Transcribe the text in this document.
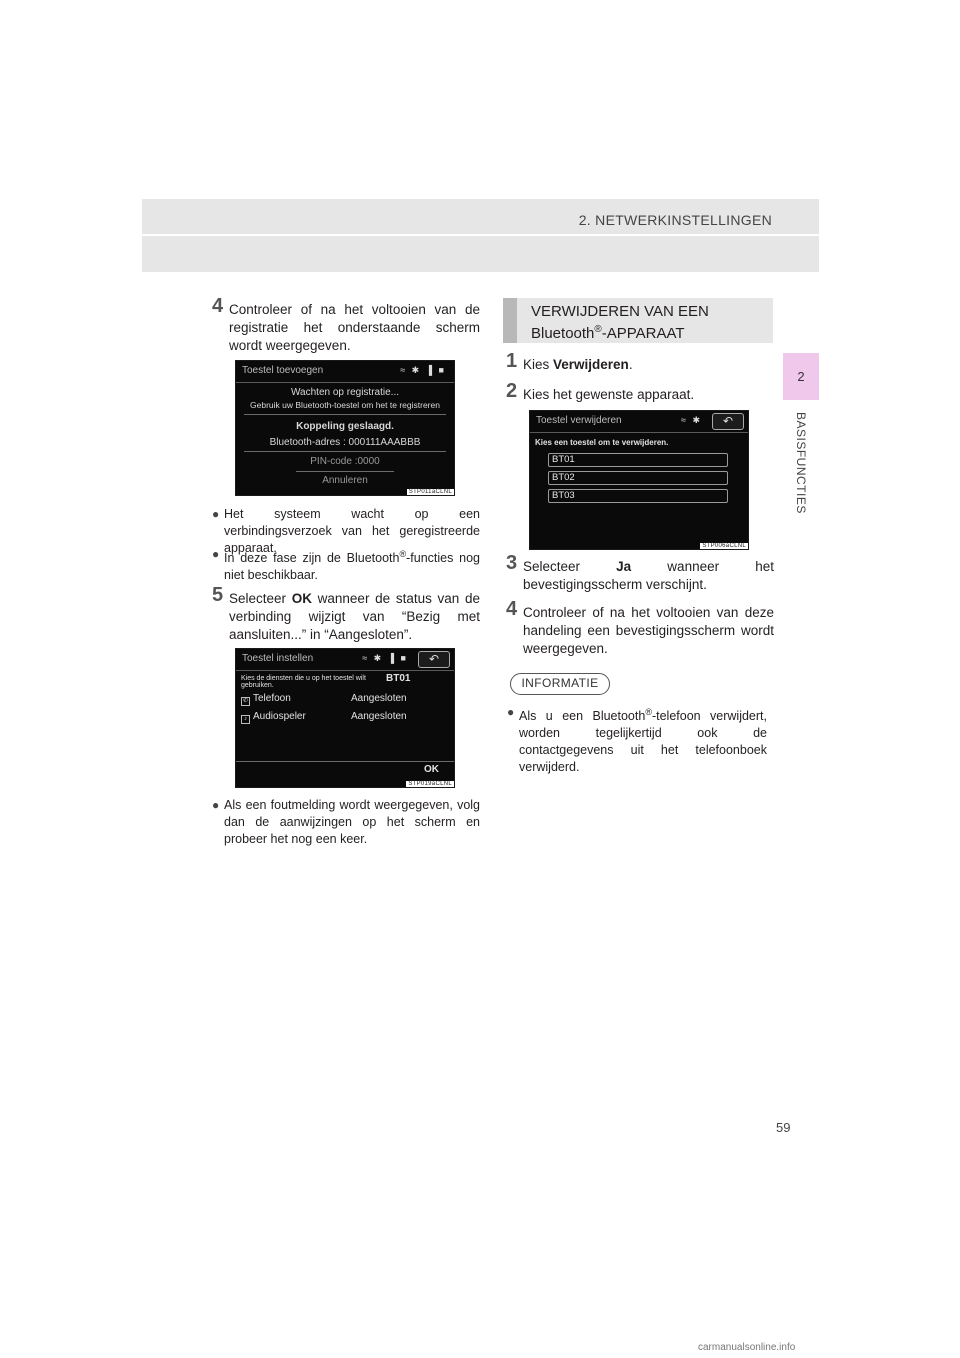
2. NETWERKINSTELLINGEN
2
BASISFUNCTIES
4 Controleer of na het voltooien van de registratie het onderstaande scherm wordt weergegeven.
Toestel toevoegen	≈ ✱ ▐ ■
Wachten op registratie...
Gebruik uw Bluetooth-toestel om het te registreren
Koppeling geslaagd.
Bluetooth-adres : 000111AAABBB
PIN-code :0000
Annuleren
STP011aCLNL
● Het systeem wacht op een verbindingsverzoek van het geregistreerde apparaat.
● In deze fase zijn de Bluetooth®-functies nog niet beschikbaar.
5 Selecteer OK wanneer de status van de verbinding wijzigt van “Bezig met aansluiten...” in “Aangesloten”.
Toestel instellen	≈ ✱ ▐ ■	↶
Kies de diensten die u op het toestel wilt gebruiken.
BT01
✆ Telefoon	Aangesloten
♪ Audiospeler	Aangesloten
OK
STP019aCLNL
● Als een foutmelding wordt weergegeven, volg dan de aanwijzingen op het scherm en probeer het nog een keer.
VERWIJDEREN VAN EEN
Bluetooth®-APPARAAT
1 Kies Verwijderen.
2 Kies het gewenste apparaat.
Toestel verwijderen	≈ ✱	↶
Kies een toestel om te verwijderen.
BT01
BT02
BT03
STP006aCLNL
3 Selecteer Ja wanneer het bevestigingsscherm verschijnt.
4 Controleer of na het voltooien van deze handeling een bevestigingsscherm wordt weergegeven.
INFORMATIE
● Als u een Bluetooth®-telefoon verwijdert, worden tegelijkertijd ook de contactgegevens uit het telefoonboek verwijderd.
59
carmanualsonline.info
